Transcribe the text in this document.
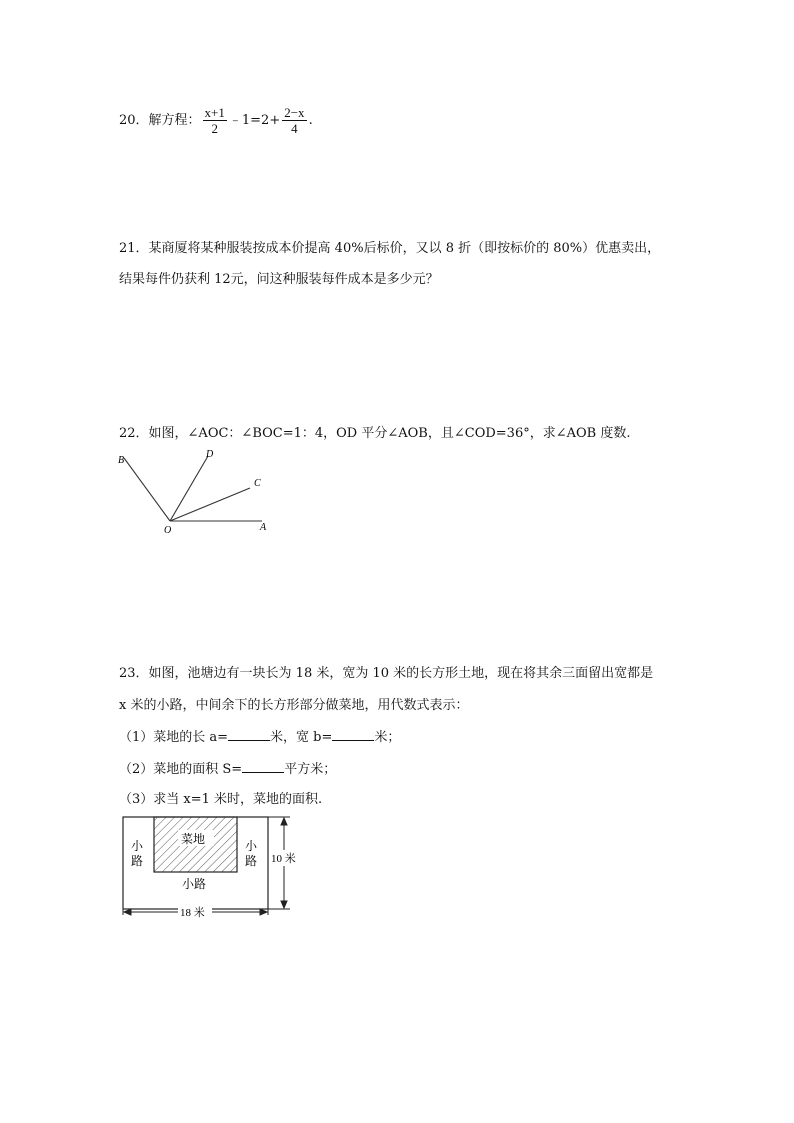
20．解方程： $\frac{x+1}{2}$ ﹣1=2+ $\frac{2-x}{4}$ .
21．某商厦将某种服装按成本价提高 40%后标价，又以 8 折（即按标价的 80%）优惠卖出，
结果每件仍获利 12元，问这种服装每件成本是多少元？
22．如图，∠AOC：∠BOC=1：4，OD 平分∠AOB，且∠COD=36°，求∠AOB 度数.
B
D
C
O	A
23．如图，池塘边有一块长为 18 米，宽为 10 米的长方形土地，现在将其余三面留出宽都是
x 米的小路，中间余下的长方形部分做菜地，用代数式表示：
（1）菜地的长 a=	米，宽 b=	米；
（2）菜地的面积 S=	平方米；
（3）求当 x=1 米时，菜地的面积.
菜地
小路
小
路
小
路 10 米
18 米
